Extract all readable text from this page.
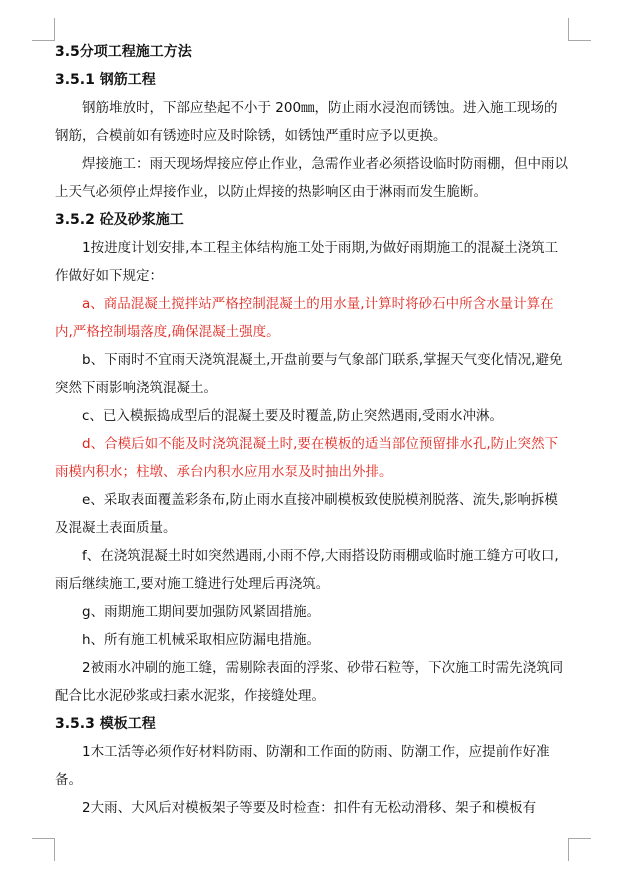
3.5分项工程施工方法
3.5.1 钢筋工程
钢筋堆放时，下部应垫起不小于 200㎜，防止雨水浸泡而锈蚀。进入施工现场的钢筋，合模前如有锈迹时应及时除锈，如锈蚀严重时应予以更换。
焊接施工：雨天现场焊接应停止作业，急需作业者必须搭设临时防雨棚，但中雨以上天气必须停止焊接作业，以防止焊接的热影响区由于淋雨而发生脆断。
3.5.2 砼及砂浆施工
1按进度计划安排,本工程主体结构施工处于雨期,为做好雨期施工的混凝土浇筑工作做好如下规定：
a、商品混凝土搅拌站严格控制混凝土的用水量,计算时将砂石中所含水量计算在内,严格控制塌落度,确保混凝土强度。
b、下雨时不宜雨天浇筑混凝土,开盘前要与气象部门联系,掌握天气变化情况,避免突然下雨影响浇筑混凝土。
c、已入模振捣成型后的混凝土要及时覆盖,防止突然遇雨,受雨水冲淋。
d、合模后如不能及时浇筑混凝土时,要在模板的适当部位预留排水孔,防止突然下雨模内积水；柱墩、承台内积水应用水泵及时抽出外排。
e、采取表面覆盖彩条布,防止雨水直接冲刷模板致使脱模剂脱落、流失,影响拆模及混凝土表面质量。
f、在浇筑混凝土时如突然遇雨,小雨不停,大雨搭设防雨棚或临时施工缝方可收口,雨后继续施工,要对施工缝进行处理后再浇筑。
g、雨期施工期间要加强防风紧固措施。
h、所有施工机械采取相应防漏电措施。
2被雨水冲刷的施工缝，需剔除表面的浮浆、砂带石粒等，下次施工时需先浇筑同配合比水泥砂浆或扫素水泥浆，作接缝处理。
3.5.3 模板工程
1木工活等必须作好材料防雨、防潮和工作面的防雨、防潮工作，应提前作好准备。
2大雨、大风后对模板架子等要及时检查：扣件有无松动滑移、架子和模板有
